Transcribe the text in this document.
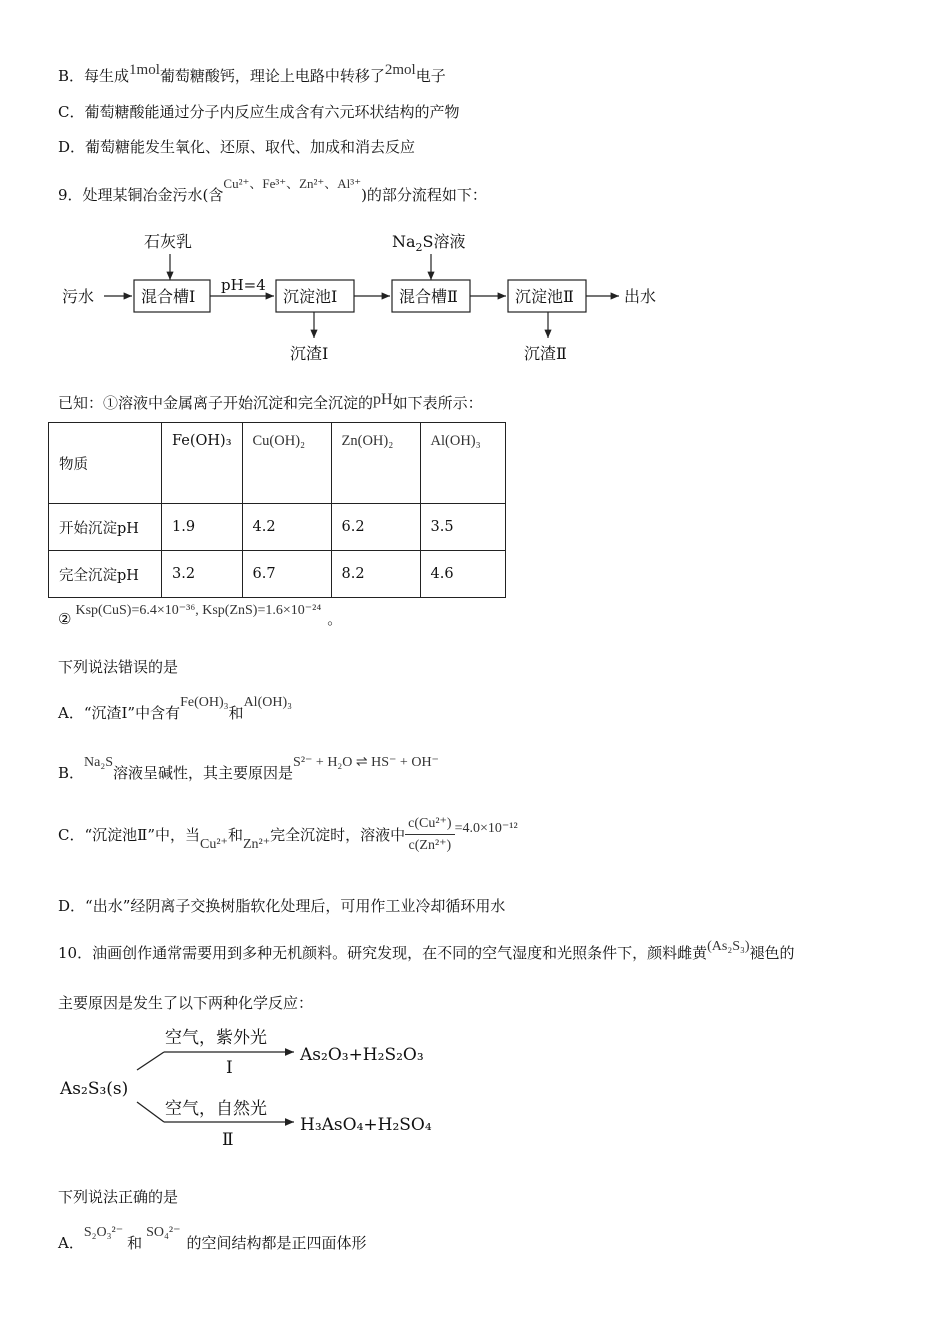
B．每生成1mol葡萄糖酸钙，理论上电路中转移了2mol电子
C．葡萄糖酸能通过分子内反应生成含有六元环状结构的产物
D．葡萄糖能发生氧化、还原、取代、加成和消去反应
9．处理某铜冶金污水(含Cu²⁺、Fe³⁺、Zn²⁺、Al³⁺)的部分流程如下：
污水	混合槽Ⅰ
石灰乳
pH=4
沉淀池Ⅰ
沉渣Ⅰ
混合槽Ⅱ
$Na_2S$溶液
沉淀池Ⅱ
沉渣Ⅱ
出水
已知：①溶液中金属离子开始沉淀和完全沉淀的pH如下表所示：
物质	Fe(OH)₃	Cu(OH)₂	Zn(OH)₂	Al(OH)₃
开始沉淀pH	1.9	4.2	6.2	3.5
完全沉淀pH	3.2	6.7	8.2	4.6
② Ksp(CuS)=6.4×10⁻³⁶, Ksp(ZnS)=1.6×10⁻²⁴ 。
下列说法错误的是
A．“沉渣Ⅰ”中含有Fe(OH)₃和Al(OH)₃
B．Na₂S溶液呈碱性，其主要原因是S²⁻ + H₂O ⇌ HS⁻ + OH⁻
C．“沉淀池Ⅱ”中，当
Cu²⁺
和
Zn²⁺
完全沉淀时，溶液中 $\frac{\text{c(Cu²⁺)}}{\text{c(Zn²⁺)}} =4.0\times 10^{-12}$
D．“出水”经阴离子交换树脂软化处理后，可用作工业冷却循环用水
10．油画创作通常需要用到多种无机颜料。研究发现，在不同的空气湿度和光照条件下，颜料雌黄(As₂S₃)褪色的
主要原因是发生了以下两种化学反应：
As₂S₃(s)
空气，紫外光
Ⅰ
As₂O₃+H₂S₂O₃
空气，自然光
Ⅱ
H₃AsO₄+H₂SO₄
下列说法正确的是
A．S₂O₃²⁻和SO₄²⁻的空间结构都是正四面体形
